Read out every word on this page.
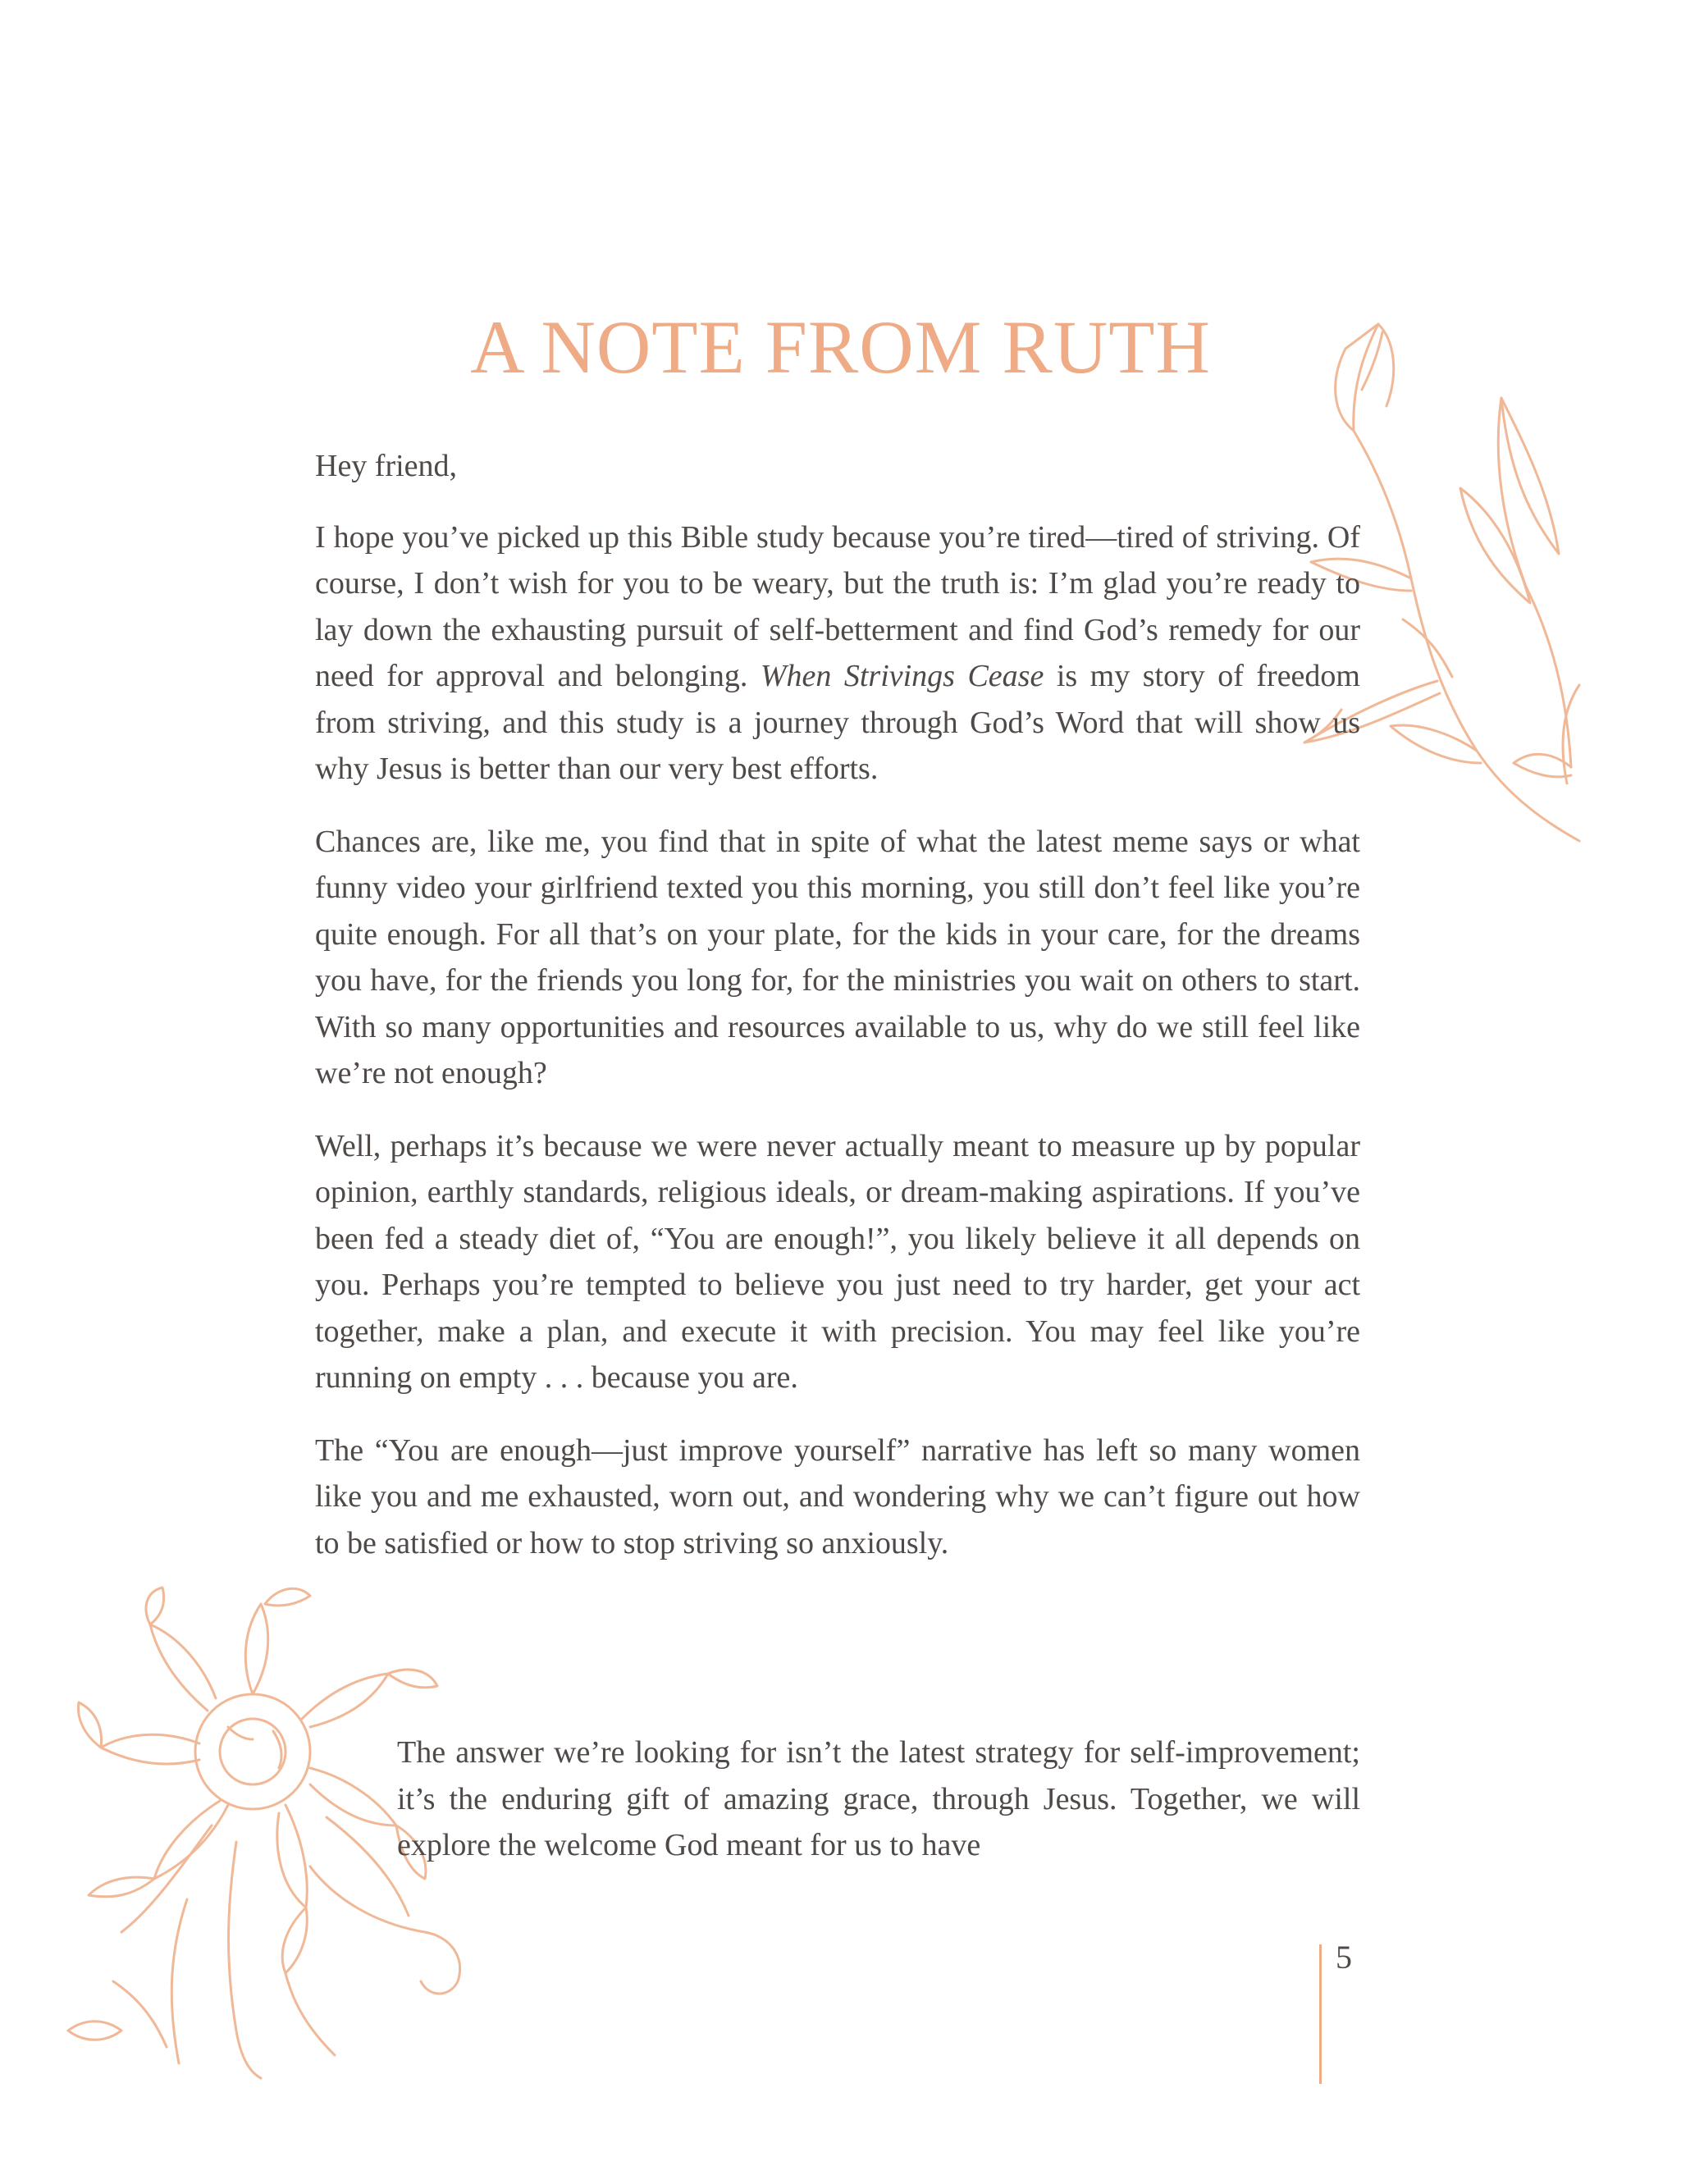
A NOTE FROM RUTH

Hey friend,

I hope you’ve picked up this Bible study because you’re tired—tired of striving. Of course, I don’t wish for you to be weary, but the truth is: I’m glad you’re ready to lay down the exhausting pursuit of self-betterment and find God’s remedy for our need for approval and belonging. When Strivings Cease is my story of freedom from striving, and this study is a journey through God’s Word that will show us why Jesus is better than our very best efforts.

Chances are, like me, you find that in spite of what the latest meme says or what funny video your girlfriend texted you this morning, you still don’t feel like you’re quite enough. For all that’s on your plate, for the kids in your care, for the dreams you have, for the friends you long for, for the ministries you wait on others to start. With so many opportunities and resources available to us, why do we still feel like we’re not enough?

Well, perhaps it’s because we were never actually meant to measure up by popular opinion, earthly standards, religious ideals, or dream-making aspirations. If you’ve been fed a steady diet of, “You are enough!”, you likely believe it all depends on you. Perhaps you’re tempted to believe you just need to try harder, get your act together, make a plan, and execute it with precision. You may feel like you’re running on empty . . . because you are.

The “You are enough—just improve yourself” narrative has left so many women like you and me exhausted, worn out, and wondering why we can’t figure out how to be satisfied or how to stop striving so anxiously.

The answer we’re looking for isn’t the latest strategy for self-improvement; it’s the enduring gift of amazing grace, through Jesus. Together, we will explore the welcome God meant for us to have
5
